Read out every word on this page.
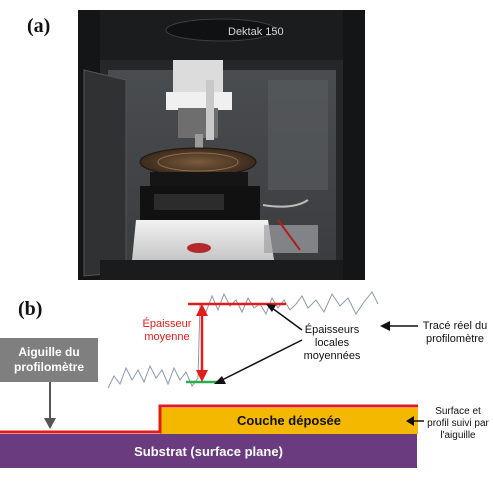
(a)	Dektak 150
(b)
Aiguille du profilomètre
Épaisseur moyenne
Épaisseurs locales moyennées
Tracé réel du profilomètre
Couche déposée
Substrat (surface plane)
Surface et profil suivi par l'aiguille
